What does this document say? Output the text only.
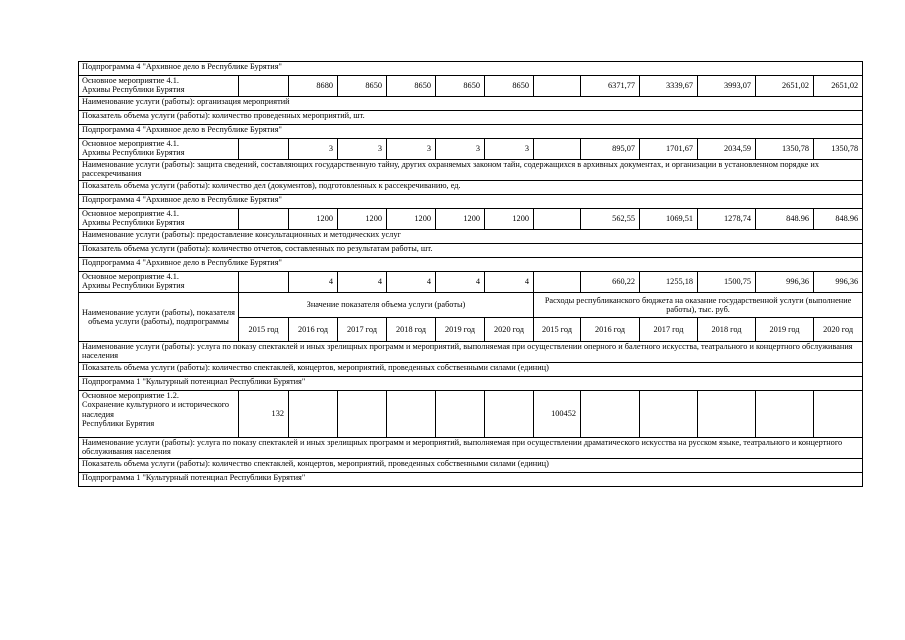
Подпрограмма 4 "Архивное дело в Республике Бурятия"												
Основное мероприятие 4.1.
Архивы Республики Бурятия		8680	8650	8650	8650	8650		6371,77	3339,67	3993,07	2651,02	2651,02
Наименование услуги (работы): организация мероприятий												
Показатель объема услуги (работы): количество проведенных мероприятий, шт.												
Подпрограмма 4 "Архивное дело в Республике Бурятия"												
Основное мероприятие 4.1.
Архивы Республики Бурятия		3	3	3	3	3		895,07	1701,67	2034,59	1350,78	1350,78
Наименование услуги (работы): защита сведений, составляющих государственную тайну, других охраняемых законом тайн, содержащихся в архивных документах, и организации в установленном порядке их рассекречивания												
Показатель объема услуги (работы): количество дел (документов), подготовленных к рассекречиванию, ед.												
Подпрограмма 4 "Архивное дело в Республике Бурятия"												
Основное мероприятие 4.1.
Архивы Республики Бурятия		1200	1200	1200	1200	1200		562,55	1069,51	1278,74	848.96	848.96
Наименование услуги (работы): предоставление консультационных и методических услуг												
Показатель объема услуги (работы): количество отчетов, составленных по результатам работы, шт.												
Подпрограмма 4 "Архивное дело в Республике Бурятия"												
Основное мероприятие 4.1.
Архивы Республики Бурятия		4	4	4	4	4		660,22	1255,18	1500,75	996,36	996,36
Наименование услуги (работы), показателя объема услуги (работы), подпрограммы	Значение показателя объема услуги (работы)						Расходы республиканского бюджета на оказание государственной услуги (выполнение работы), тыс. руб.					
	2015 год	2016 год	2017 год	2018 год	2019 год	2020 год	2015 год	2016 год	2017 год	2018 год	2019 год	2020 год
Наименование услуги (работы): услуга по показу спектаклей и иных зрелищных программ и мероприятий, выполняемая при осуществлении оперного и балетного искусства, театрального и концертного обслуживания населения												
Показатель объема услуги (работы): количество спектаклей, концертов, мероприятий, проведенных собственными силами (единиц)												
Подпрограмма 1 "Культурный потенциал Республики Бурятия"												
Основное мероприятие 1.2.
Сохранение культурного и исторического наследия
Республики Бурятия	132						100452					
Наименование услуги (работы): услуга по показу спектаклей и иных зрелищных программ и мероприятий, выполняемая при осуществлении драматического искусства на русском языке, театрального и концертного обслуживания населения												
Показатель объема услуги (работы): количество спектаклей, концертов, мероприятий, проведенных собственными силами (единиц)												
Подпрограмма 1 "Культурный потенциал Республики Бурятия"												
